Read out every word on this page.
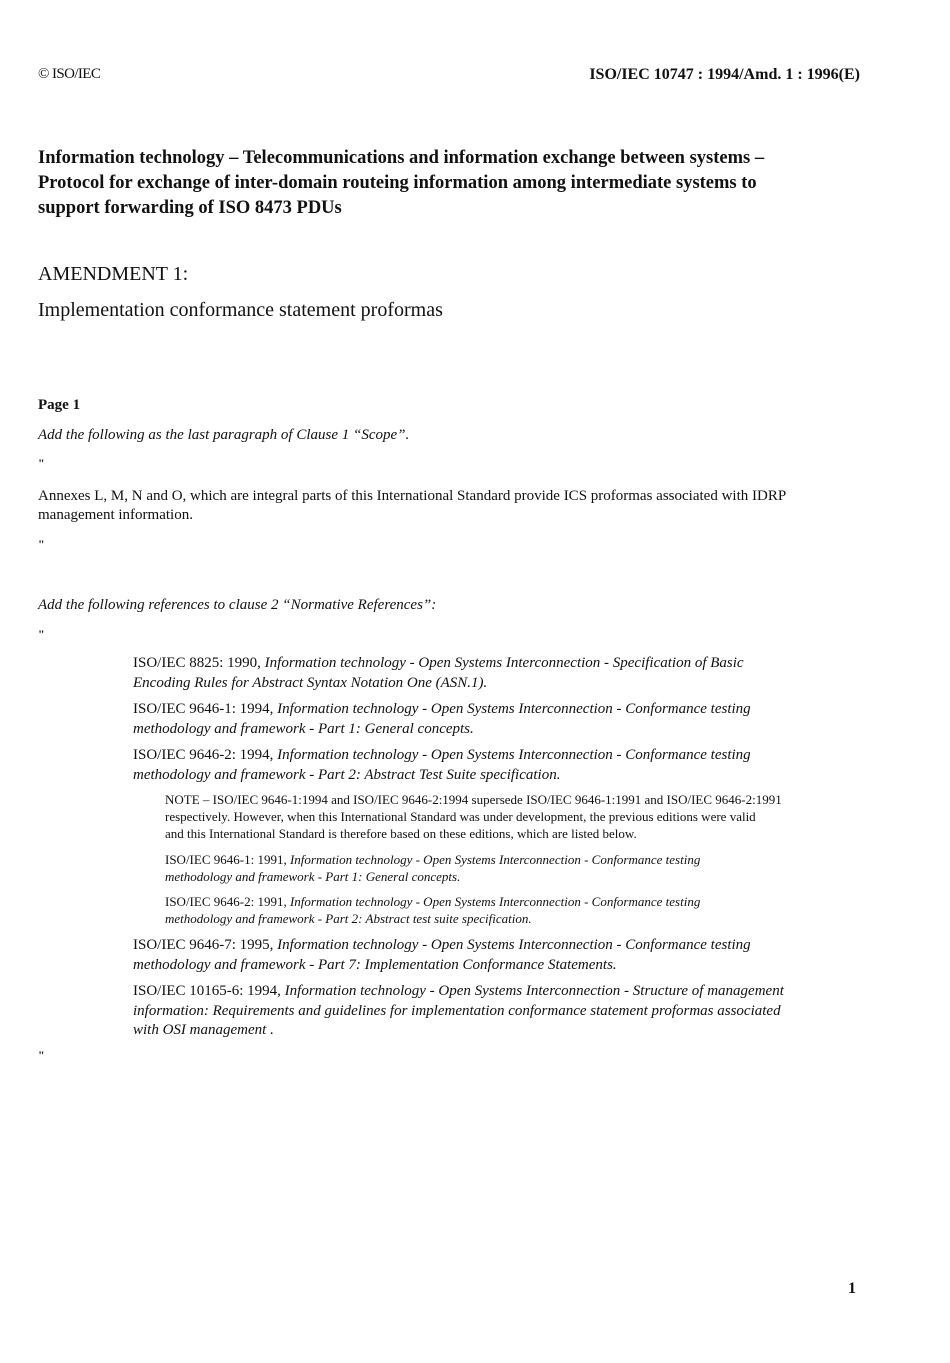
© ISO/IEC	ISO/IEC 10747 : 1994/Amd. 1 : 1996(E)
Information technology – Telecommunications and information exchange between systems –
Protocol for exchange of inter-domain routeing information among intermediate systems to
support forwarding of ISO 8473 PDUs
AMENDMENT 1:
Implementation conformance statement proformas
Page 1
Add the following as the last paragraph of Clause 1 “Scope”.
"
Annexes L, M, N and O, which are integral parts of this International Standard provide ICS proformas associated with IDRP
management information.
"
Add the following references to clause 2 “Normative References”:
"
ISO/IEC 8825: 1990, Information technology - Open Systems Interconnection - Specification of Basic
Encoding Rules for Abstract Syntax Notation One (ASN.1).
ISO/IEC 9646-1: 1994, Information technology - Open Systems Interconnection - Conformance testing
methodology and framework - Part 1: General concepts.
ISO/IEC 9646-2: 1994, Information technology - Open Systems Interconnection - Conformance testing
methodology and framework - Part 2: Abstract Test Suite specification.
NOTE – ISO/IEC 9646-1:1994 and ISO/IEC 9646-2:1994 supersede ISO/IEC 9646-1:1991 and ISO/IEC 9646-2:1991
respectively. However, when this International Standard was under development, the previous editions were valid
and this International Standard is therefore based on these editions, which are listed below.
ISO/IEC 9646-1: 1991, Information technology - Open Systems Interconnection - Conformance testing
methodology and framework - Part 1: General concepts.
ISO/IEC 9646-2: 1991, Information technology - Open Systems Interconnection - Conformance testing
methodology and framework - Part 2: Abstract test suite specification.
ISO/IEC 9646-7: 1995, Information technology - Open Systems Interconnection - Conformance testing
methodology and framework - Part 7: Implementation Conformance Statements.
ISO/IEC 10165-6: 1994, Information technology - Open Systems Interconnection - Structure of management
information: Requirements and guidelines for implementation conformance statement proformas associated
with OSI management .
"
1
